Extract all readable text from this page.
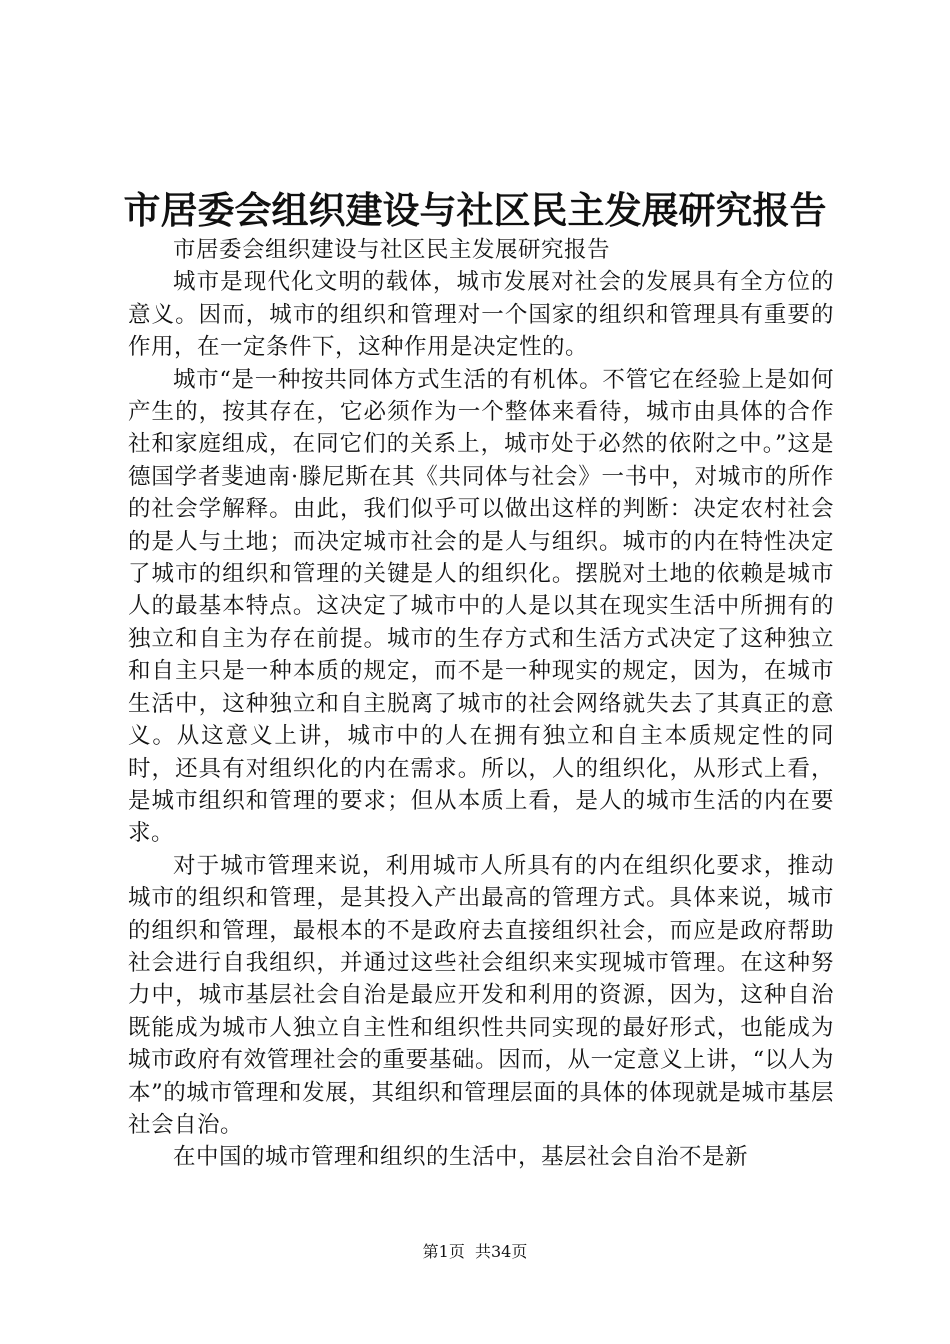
市居委会组织建设与社区民主发展研究报告

市居委会组织建设与社区民主发展研究报告

城市是现代化文明的载体，城市发展对社会的发展具有全方位的意义。因而，城市的组织和管理对一个国家的组织和管理具有重要的作用，在一定条件下，这种作用是决定性的。

城市“是一种按共同体方式生活的有机体。不管它在经验上是如何产生的，按其存在，它必须作为一个整体来看待，城市由具体的合作社和家庭组成，在同它们的关系上，城市处于必然的依附之中。”这是德国学者斐迪南·滕尼斯在其《共同体与社会》一书中，对城市的所作的社会学解释。由此，我们似乎可以做出这样的判断：决定农村社会的是人与土地；而决定城市社会的是人与组织。城市的内在特性决定了城市的组织和管理的关键是人的组织化。摆脱对土地的依赖是城市人的最基本特点。这决定了城市中的人是以其在现实生活中所拥有的独立和自主为存在前提。城市的生存方式和生活方式决定了这种独立和自主只是一种本质的规定，而不是一种现实的规定，因为，在城市生活中，这种独立和自主脱离了城市的社会网络就失去了其真正的意义。从这意义上讲，城市中的人在拥有独立和自主本质规定性的同时，还具有对组织化的内在需求。所以，人的组织化，从形式上看，是城市组织和管理的要求；但从本质上看，是人的城市生活的内在要求。

对于城市管理来说，利用城市人所具有的内在组织化要求，推动城市的组织和管理，是其投入产出最高的管理方式。具体来说，城市的组织和管理，最根本的不是政府去直接组织社会，而应是政府帮助社会进行自我组织，并通过这些社会组织来实现城市管理。在这种努力中，城市基层社会自治是最应开发和利用的资源，因为，这种自治既能成为城市人独立自主性和组织性共同实现的最好形式，也能成为城市政府有效管理社会的重要基础。因而，从一定意义上讲，“以人为本”的城市管理和发展，其组织和管理层面的具体的体现就是城市基层社会自治。

在中国的城市管理和组织的生活中，基层社会自治不是新

第1页  共34页
